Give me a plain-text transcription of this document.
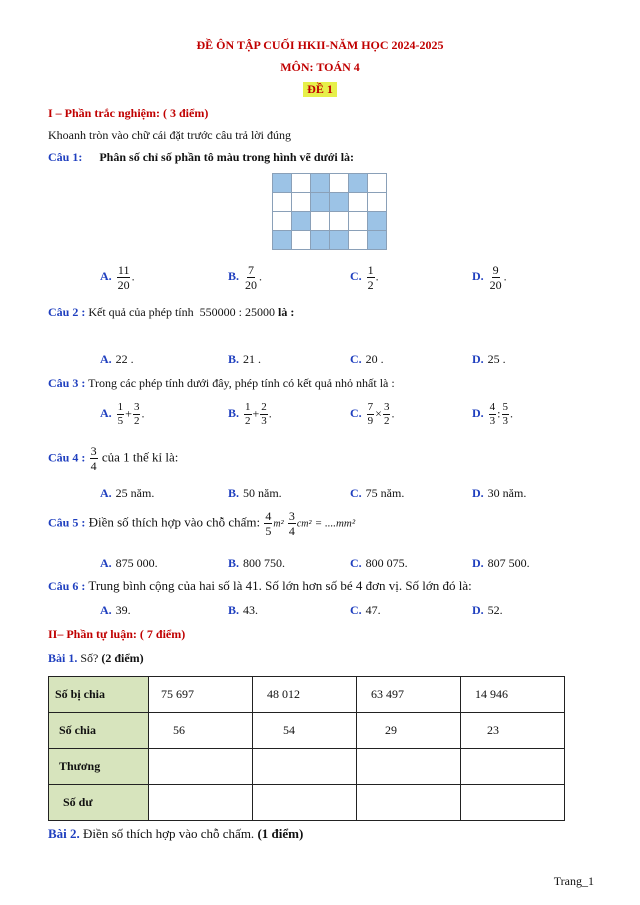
ĐỀ ÔN TẬP CUỐI HKII-NĂM HỌC 2024-2025
MÔN: TOÁN 4
ĐỀ 1
I – Phần trắc nghiệm: ( 3 điểm)
Khoanh tròn vào chữ cái đặt trước câu trả lời đúng
Câu 1: Phân số chỉ số phần tô màu trong hình vẽ dưới là:

A. $\frac{11}{20}$ .	B. $\frac{7}{20}$ .	C. $\frac{1}{2}$ .	D. $\frac{9}{20}$ .
Câu 2 : Kết quả của phép tính 550000 : 25000 là :
A. 22 .	B. 21 .	C. 20 .	D. 25 .
Câu 3 : Trong các phép tính dưới đây, phép tính có kết quả nhỏ nhất là :
A. $\frac{1}{5} + \frac{3}{2}$ .	B. $\frac{1}{2} + \frac{2}{3}$ .	C. $\frac{7}{9} \times \frac{3}{2}$ .	D. $\frac{4}{3}$ : $\frac{5}{3}$ .
Câu 4 : $\frac{3}{4}$ của 1 thế kỉ là:
A. 25 năm.	B. 50 năm.	C. 75 năm.	D. 30 năm.
Câu 5 : Điền số thích hợp vào chỗ chấm: $\frac{4}{5} m^2 \frac{3}{4} cm^2 = ....mm^2$
A. 875 000.	B. 800 750.	C. 800 075.	D. 807 500.
Câu 6 : Trung bình cộng của hai số là 41. Số lớn hơn số bé 4 đơn vị. Số lớn đó là:
A. 39.	B. 43.	C. 47.	D. 52.
II– Phần tự luận: ( 7 điểm)
Bài 1. Số? (2 điểm)
Số bị chia	75 697	48 012	63 497	14 946
Số chia	56	54	29	23
Thương				
Số dư				
Bài 2. Điền số thích hợp vào chỗ chấm. (1 điểm)
Trang_1
